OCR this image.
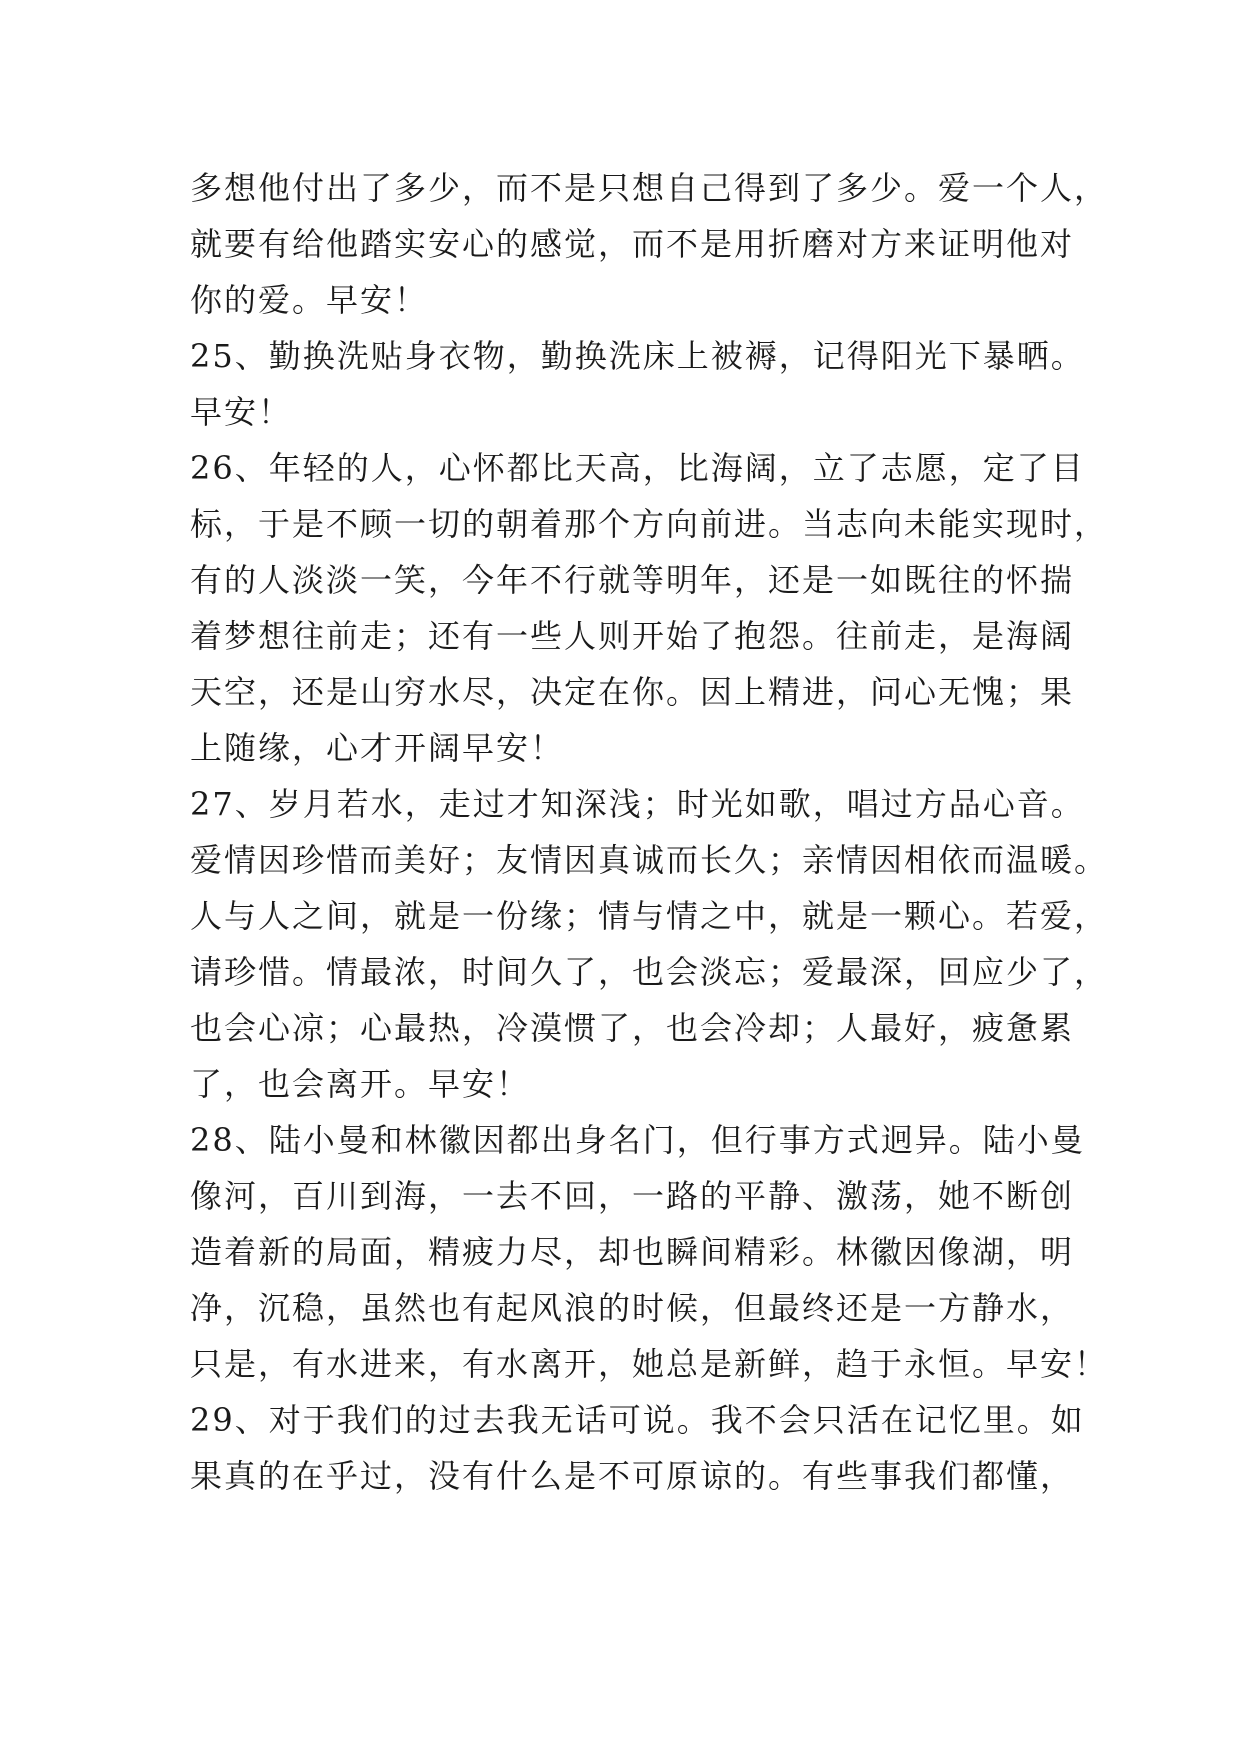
多想他付出了多少，而不是只想自己得到了多少。爱一个人，
就要有给他踏实安心的感觉，而不是用折磨对方来证明他对
你的爱。早安！
25、勤换洗贴身衣物，勤换洗床上被褥，记得阳光下暴晒。
早安！
26、年轻的人，心怀都比天高，比海阔，立了志愿，定了目
标，于是不顾一切的朝着那个方向前进。当志向未能实现时，
有的人淡淡一笑，今年不行就等明年，还是一如既往的怀揣
着梦想往前走；还有一些人则开始了抱怨。往前走，是海阔
天空，还是山穷水尽，决定在你。因上精进，问心无愧；果
上随缘，心才开阔早安！
27、岁月若水，走过才知深浅；时光如歌，唱过方品心音。
爱情因珍惜而美好；友情因真诚而长久；亲情因相依而温暖。
人与人之间，就是一份缘；情与情之中，就是一颗心。若爱，
请珍惜。情最浓，时间久了，也会淡忘；爱最深，回应少了，
也会心凉；心最热，冷漠惯了，也会冷却；人最好，疲惫累
了，也会离开。早安！
28、陆小曼和林徽因都出身名门，但行事方式迥异。陆小曼
像河，百川到海，一去不回，一路的平静、激荡，她不断创
造着新的局面，精疲力尽，却也瞬间精彩。林徽因像湖，明
净，沉稳，虽然也有起风浪的时候，但最终还是一方静水，
只是，有水进来，有水离开，她总是新鲜，趋于永恒。早安！
29、对于我们的过去我无话可说。我不会只活在记忆里。如
果真的在乎过，没有什么是不可原谅的。有些事我们都懂，
